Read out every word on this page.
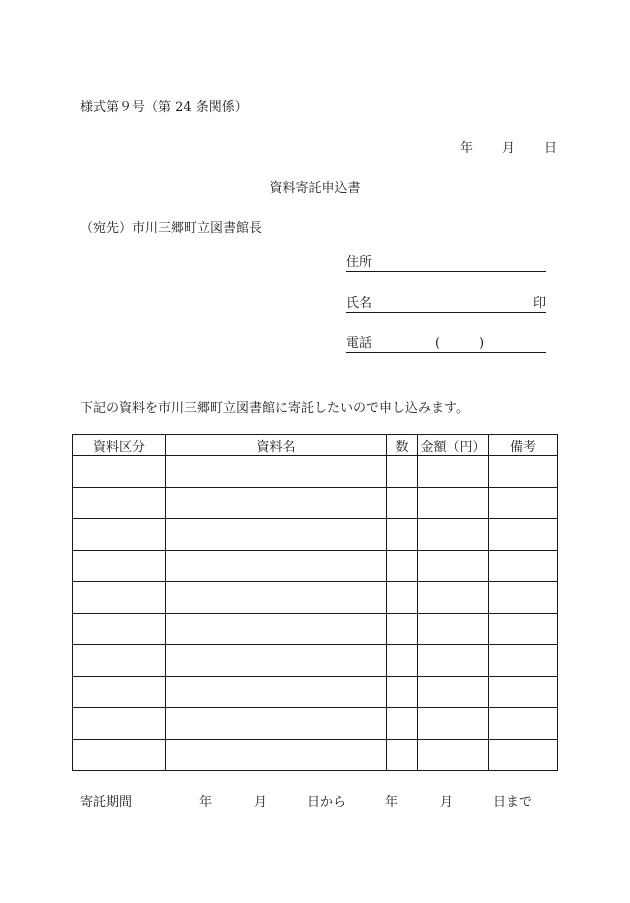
様式第９号（第 24 条関係）
年 月 日
資料寄託申込書
（宛先）市川三郷町立図書館長
住所
氏名	印
電話	(	)
下記の資料を市川三郷町立図書館に寄託したいので申し込みます。
資料区分	資料名	数	金額（円）	備考

寄託期間	年	月	日から	年	月	日まで
